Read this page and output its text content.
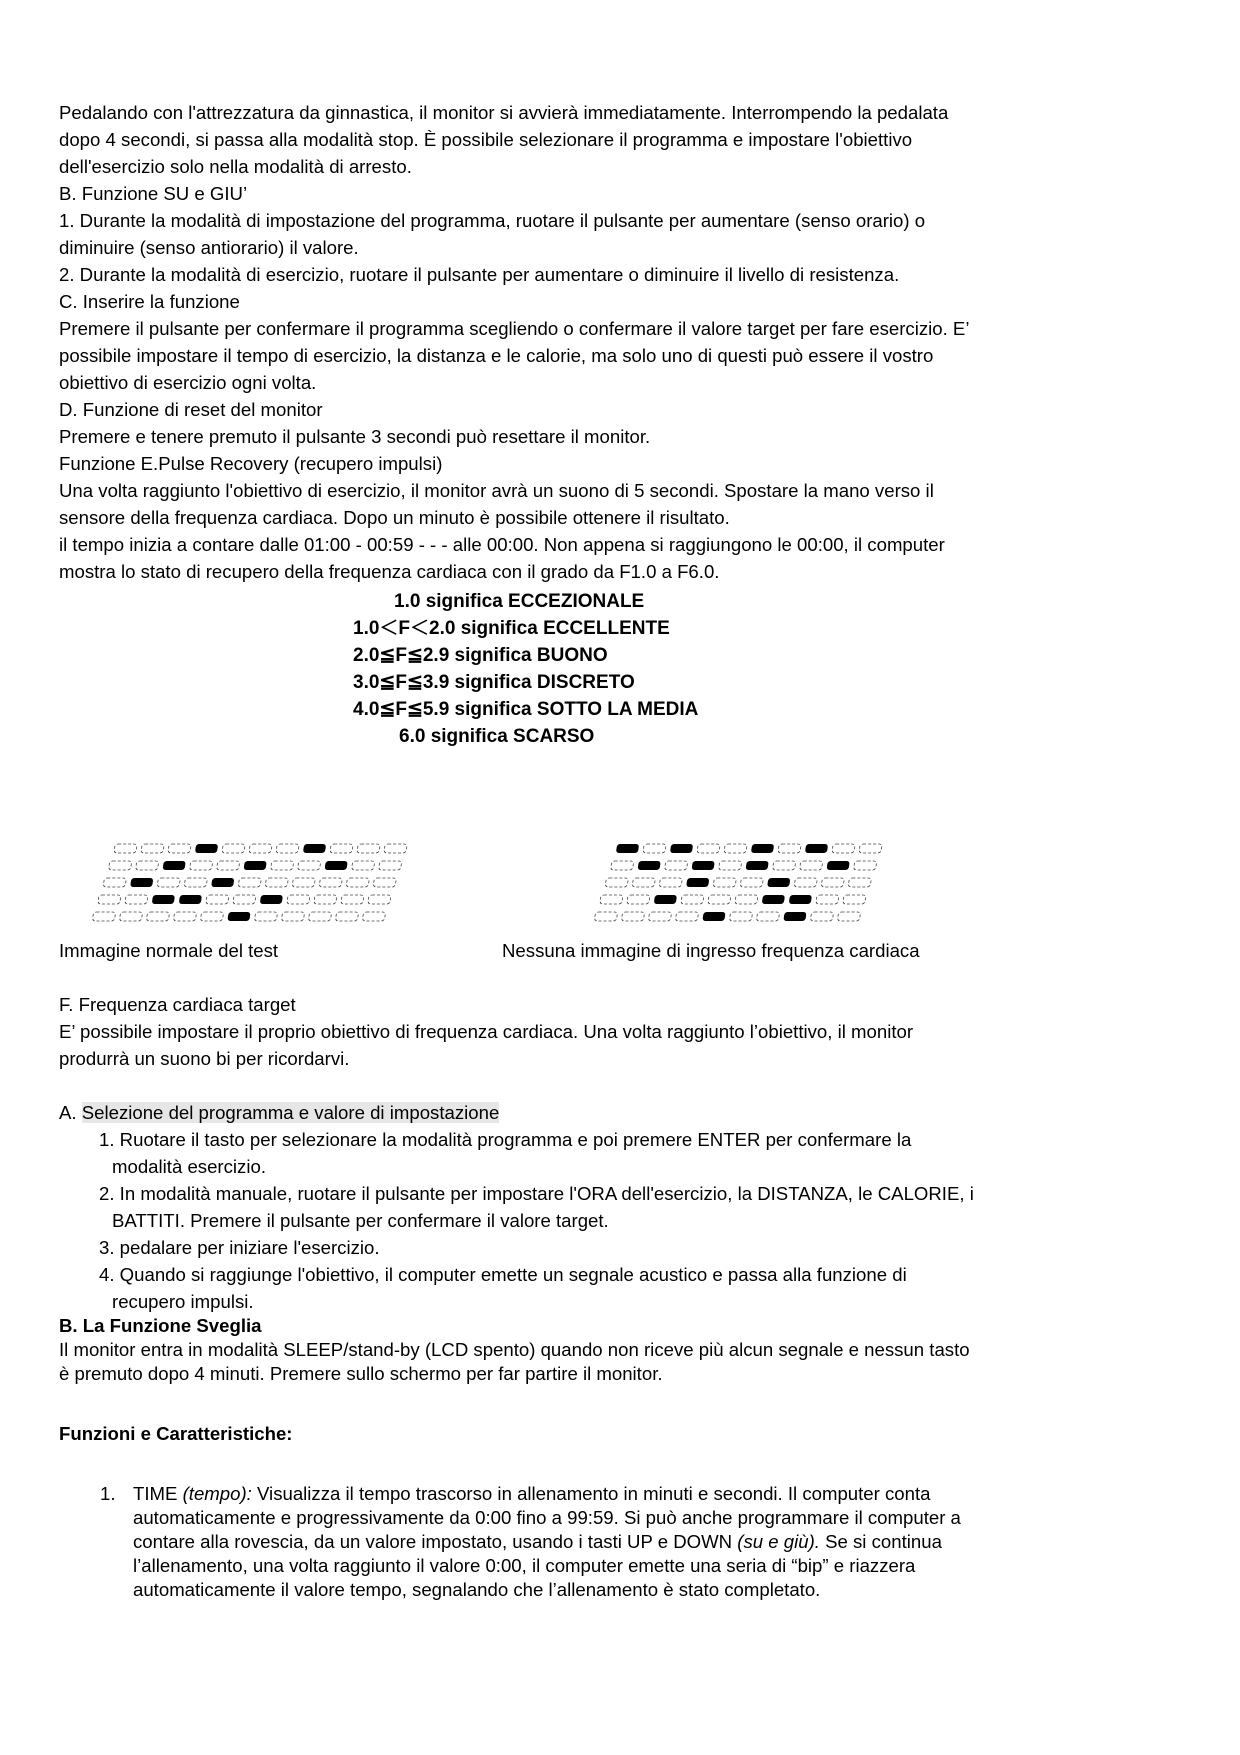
Pedalando con l'attrezzatura da ginnastica, il monitor si avvierà immediatamente. Interrompendo la pedalata
dopo 4 secondi, si passa alla modalità stop. È possibile selezionare il programma e impostare l'obiettivo
dell'esercizio solo nella modalità di arresto.
B. Funzione SU e GIU’
1. Durante la modalità di impostazione del programma, ruotare il pulsante per aumentare (senso orario) o
diminuire (senso antiorario) il valore.
2. Durante la modalità di esercizio, ruotare il pulsante per aumentare o diminuire il livello di resistenza.
C. Inserire la funzione
Premere il pulsante per confermare il programma scegliendo o confermare il valore target per fare esercizio. E’
possibile impostare il tempo di esercizio, la distanza e le calorie, ma solo uno di questi può essere il vostro
obiettivo di esercizio ogni volta.
D. Funzione di reset del monitor
Premere e tenere premuto il pulsante 3 secondi può resettare il monitor.
Funzione E.Pulse Recovery (recupero impulsi)
Una volta raggiunto l'obiettivo di esercizio, il monitor avrà un suono di 5 secondi. Spostare la mano verso il
sensore della frequenza cardiaca. Dopo un minuto è possibile ottenere il risultato.
il tempo inizia a contare dalle 01:00 - 00:59 - - - alle 00:00. Non appena si raggiungono le 00:00, il computer
mostra lo stato di recupero della frequenza cardiaca con il grado da F1.0 a F6.0.
1.0 significa ECCEZIONALE
1.0＜F＜2.0 significa ECCELLENTE
2.0≦F≦2.9 significa BUONO
3.0≦F≦3.9 significa DISCRETO
4.0≦F≦5.9 significa SOTTO LA MEDIA
6.0 significa SCARSO
Immagine normale del test	Nessuna immagine di ingresso frequenza cardiaca
F. Frequenza cardiaca target
E’ possibile impostare il proprio obiettivo di frequenza cardiaca. Una volta raggiunto l’obiettivo, il monitor
produrrà un suono bi per ricordarvi.
A. Selezione del programma e valore di impostazione
1. Ruotare il tasto per selezionare la modalità programma e poi premere ENTER per confermare la
modalità esercizio.
2. In modalità manuale, ruotare il pulsante per impostare l'ORA dell'esercizio, la DISTANZA, le CALORIE, i
BATTITI. Premere il pulsante per confermare il valore target.
3. pedalare per iniziare l'esercizio.
4. Quando si raggiunge l'obiettivo, il computer emette un segnale acustico e passa alla funzione di
recupero impulsi.
B. La Funzione Sveglia
Il monitor entra in modalità SLEEP/stand-by (LCD spento) quando non riceve più alcun segnale e nessun tasto
è premuto dopo 4 minuti. Premere sullo schermo per far partire il monitor.
Funzioni e Caratteristiche:
1. TIME (tempo): Visualizza il tempo trascorso in allenamento in minuti e secondi. Il computer conta
automaticamente e progressivamente da 0:00 fino a 99:59. Si può anche programmare il computer a
contare alla rovescia, da un valore impostato, usando i tasti UP e DOWN (su e giù). Se si continua
l’allenamento, una volta raggiunto il valore 0:00, il computer emette una seria di “bip” e riazzera
automaticamente il valore tempo, segnalando che l’allenamento è stato completato.
